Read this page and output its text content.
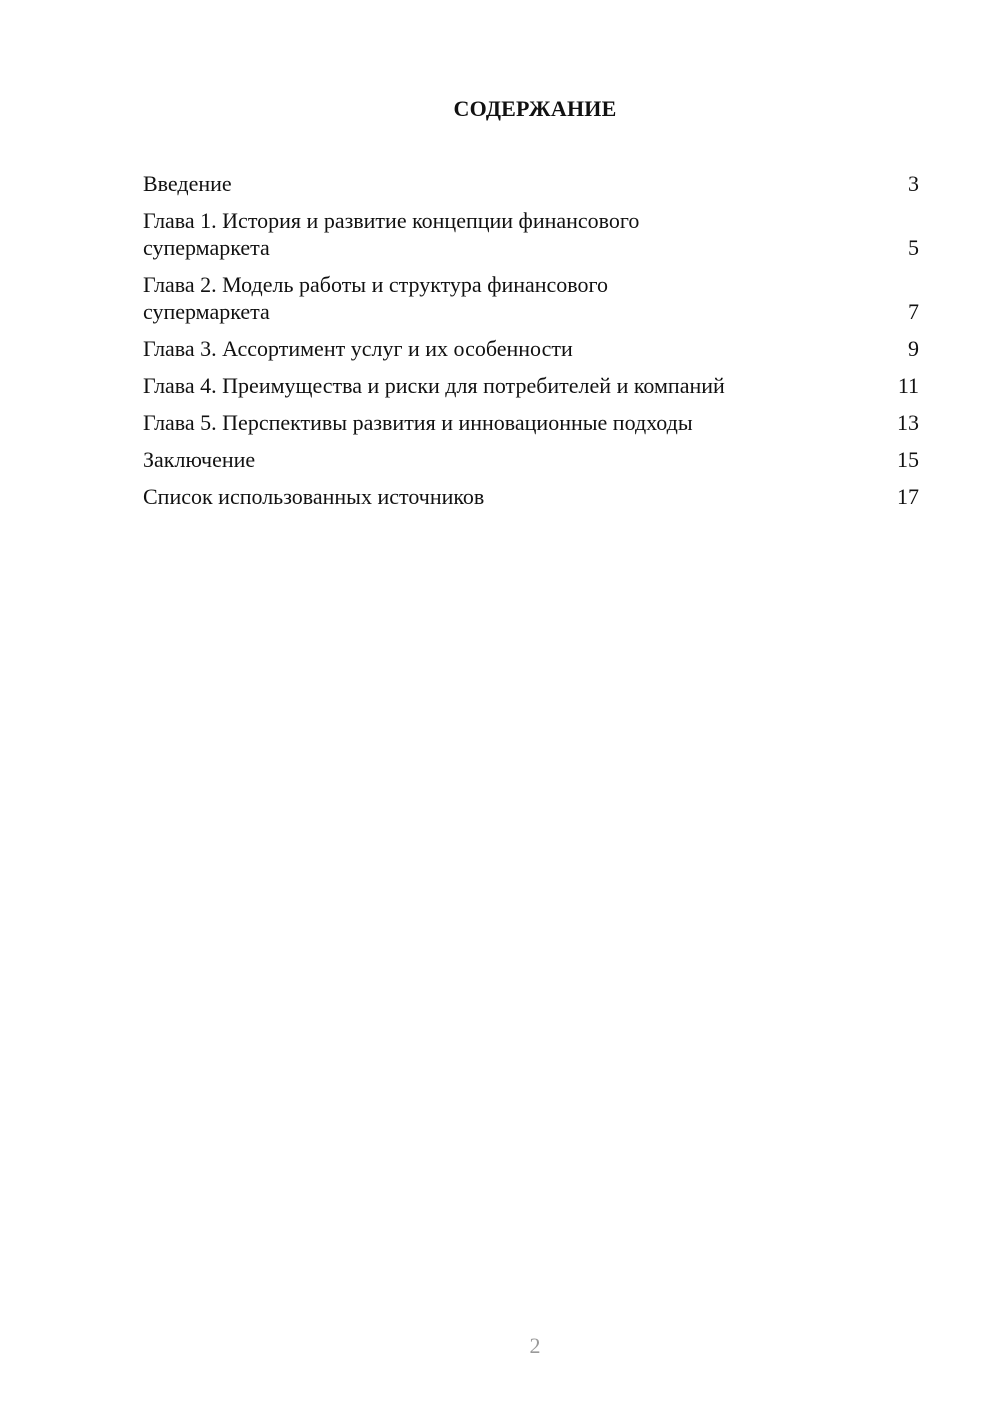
СОДЕРЖАНИЕ
Введение	3
Глава 1. История и развитие концепции финансового
супермаркета	5
Глава 2. Модель работы и структура финансового
супермаркета	7
Глава 3. Ассортимент услуг и их особенности	9
Глава 4. Преимущества и риски для потребителей и компаний	11
Глава 5. Перспективы развития и инновационные подходы	13
Заключение	15
Список использованных источников	17
2
